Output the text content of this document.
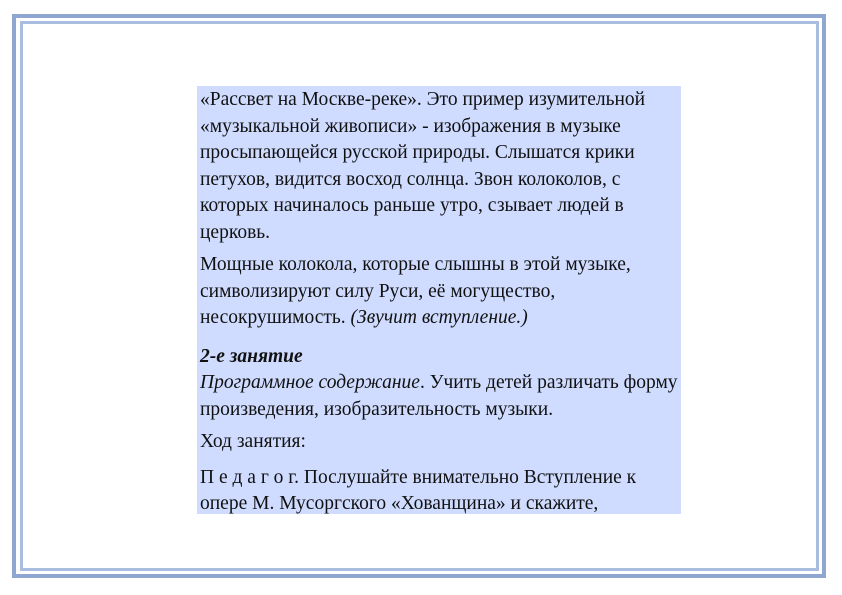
«Рассвет на Москве-реке». Это пример изумительной «музыкальной живописи» - изображения в музыке просыпающейся русской природы. Слышатся крики петухов, видится восход солнца. Звон колоколов, с которых начиналось раньше утро, сзывает людей в церковь.

Мощные колокола, которые слышны в этой музыке, символизируют силу Руси, её могущество, несокрушимость. (Звучит вступление.)

2-е занятие
Программное содержание. Учить детей различать форму произведения, изобразительность музыки.

Ход занятия:

П е д а г о г. Послушайте внимательно Вступление к опере М. Мусоргского «Хованщина» и скажите,
